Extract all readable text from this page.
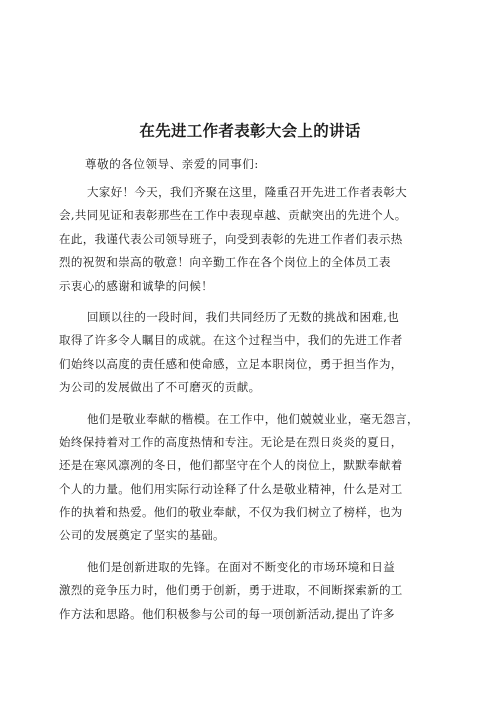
在先进工作者表彰大会上的讲话

尊敬的各位领导、亲爱的同事们:

大家好！今天，我们齐聚在这里，隆重召开先进工作者表彰大
会,共同见证和表彰那些在工作中表现卓越、贡献突出的先进个人。
在此，我谨代表公司领导班子，向受到表彰的先进工作者们表示热
烈的祝贺和崇高的敬意！向辛勤工作在各个岗位上的全体员工表
示衷心的感谢和诚挚的问候！
回顾以往的一段时间，我们共同经历了无数的挑战和困难,也
取得了许多令人瞩目的成就。在这个过程当中，我们的先进工作者
们始终以高度的责任感和使命感，立足本职岗位，勇于担当作为，
为公司的发展做出了不可磨灭的贡献。
他们是敬业奉献的楷模。在工作中，他们兢兢业业，毫无怨言，
始终保持着对工作的高度热情和专注。无论是在烈日炎炎的夏日，
还是在寒风凛冽的冬日，他们都坚守在个人的岗位上，默默奉献着
个人的力量。他们用实际行动诠释了什么是敬业精神，什么是对工
作的执着和热爱。他们的敬业奉献，不仅为我们树立了榜样，也为
公司的发展奠定了坚实的基础。
他们是创新进取的先锋。在面对不断变化的市场环境和日益
激烈的竞争压力时，他们勇于创新，勇于进取，不间断探索新的工
作方法和思路。他们积极参与公司的每一项创新活动,提出了许多
